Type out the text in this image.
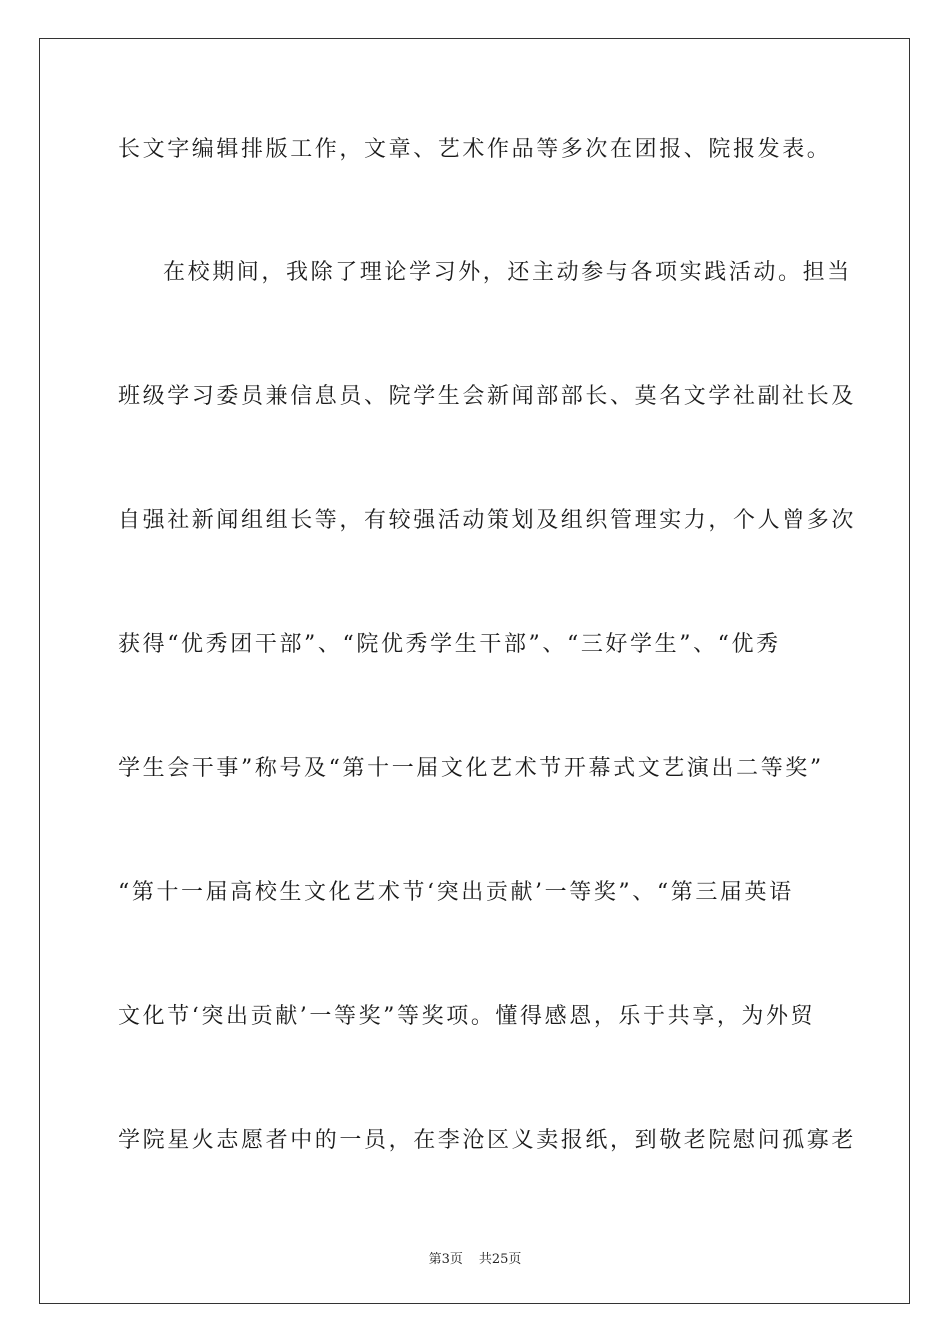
长文字编辑排版工作，文章、艺术作品等多次在团报、院报发表。
在校期间，我除了理论学习外，还主动参与各项实践活动。担当
班级学习委员兼信息员、院学生会新闻部部长、莫名文学社副社长及
自强社新闻组组长等，有较强活动策划及组织管理实力，个人曾多次
获得“优秀团干部”、“院优秀学生干部”、“三好学生”、“优秀
学生会干事”称号及“第十一届文化艺术节开幕式文艺演出二等奖”
“第十一届高校生文化艺术节‘突出贡献’一等奖”、“第三届英语
文化节‘突出贡献’一等奖”等奖项。懂得感恩，乐于共享，为外贸
学院星火志愿者中的一员，在李沧区义卖报纸，到敬老院慰问孤寡老
第3页 共25页
